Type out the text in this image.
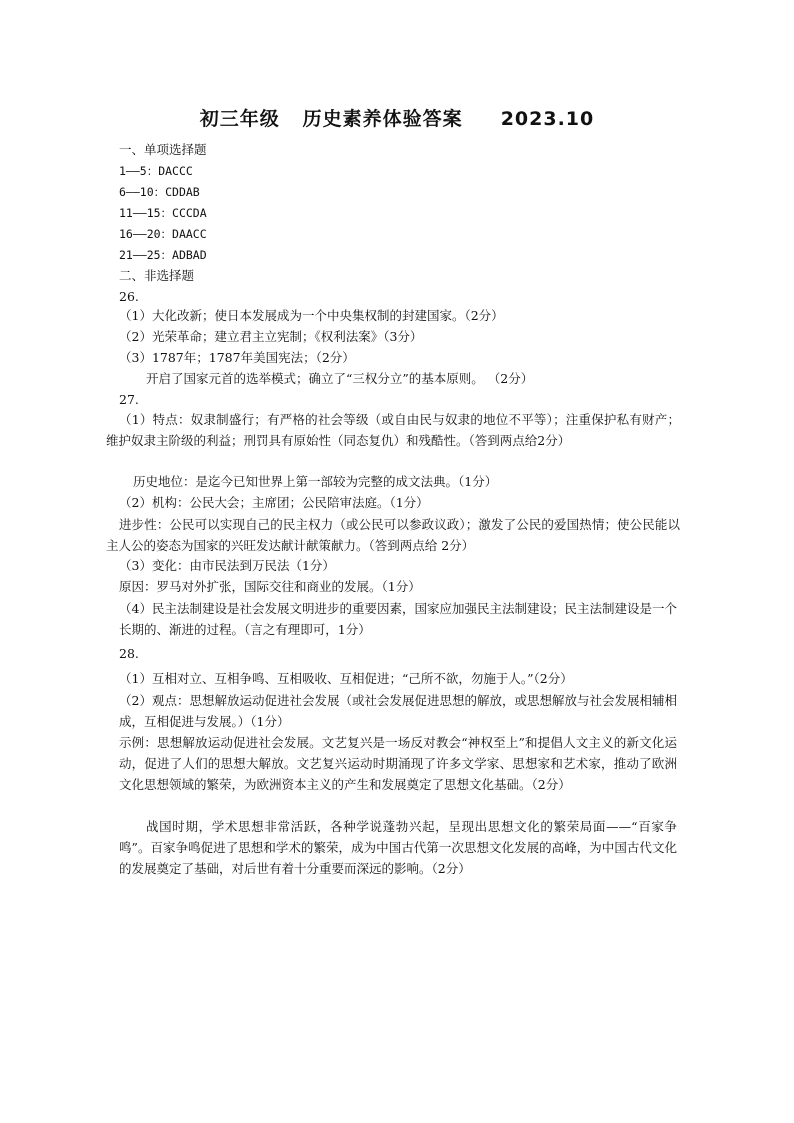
初三年级 历史素养体验答案 2023.10
一、单项选择题
1——5：DACCC
6——10：CDDAB
11——15：CCCDA
16——20：DAACC
21——25：ADBAD
二、非选择题
26.
（1）大化改新；使日本发展成为一个中央集权制的封建国家。（2分）
（2）光荣革命；建立君主立宪制；《权利法案》（3分）
（3）1787年；1787年美国宪法；（2分）
开启了国家元首的选举模式；确立了“三权分立”的基本原则。 （2分）
27.
（1）特点：奴隶制盛行；有严格的社会等级（或自由民与奴隶的地位不平等）；注重保护私有财产；维护奴隶主阶级的利益；刑罚具有原始性（同态复仇）和残酷性。（答到两点给2分）
历史地位：是迄今已知世界上第一部较为完整的成文法典。（1分）
（2）机构：公民大会；主席团；公民陪审法庭。（1分）
进步性：公民可以实现自己的民主权力（或公民可以参政议政）；激发了公民的爱国热情；使公民能以主人公的姿态为国家的兴旺发达献计献策献力。（答到两点给 2分）
（3）变化：由市民法到万民法（1分）
原因：罗马对外扩张，国际交往和商业的发展。（1分）
（4）民主法制建设是社会发展文明进步的重要因素，国家应加强民主法制建设；民主法制建设是一个长期的、渐进的过程。（言之有理即可，1分）
28.
（1）互相对立、互相争鸣、互相吸收、互相促进；“己所不欲，勿施于人。”（2分）
（2）观点：思想解放运动促进社会发展（或社会发展促进思想的解放，或思想解放与社会发展相辅相成，互相促进与发展。）（1分）
示例：思想解放运动促进社会发展。文艺复兴是一场反对教会“神权至上”和提倡人文主义的新文化运动，促进了人们的思想大解放。文艺复兴运动时期涌现了许多文学家、思想家和艺术家，推动了欧洲文化思想领域的繁荣，为欧洲资本主义的产生和发展奠定了思想文化基础。（2分）
战国时期，学术思想非常活跃，各种学说蓬勃兴起，呈现出思想文化的繁荣局面——“百家争鸣”。百家争鸣促进了思想和学术的繁荣，成为中国古代第一次思想文化发展的高峰，为中国古代文化的发展奠定了基础，对后世有着十分重要而深远的影响。（2分）
